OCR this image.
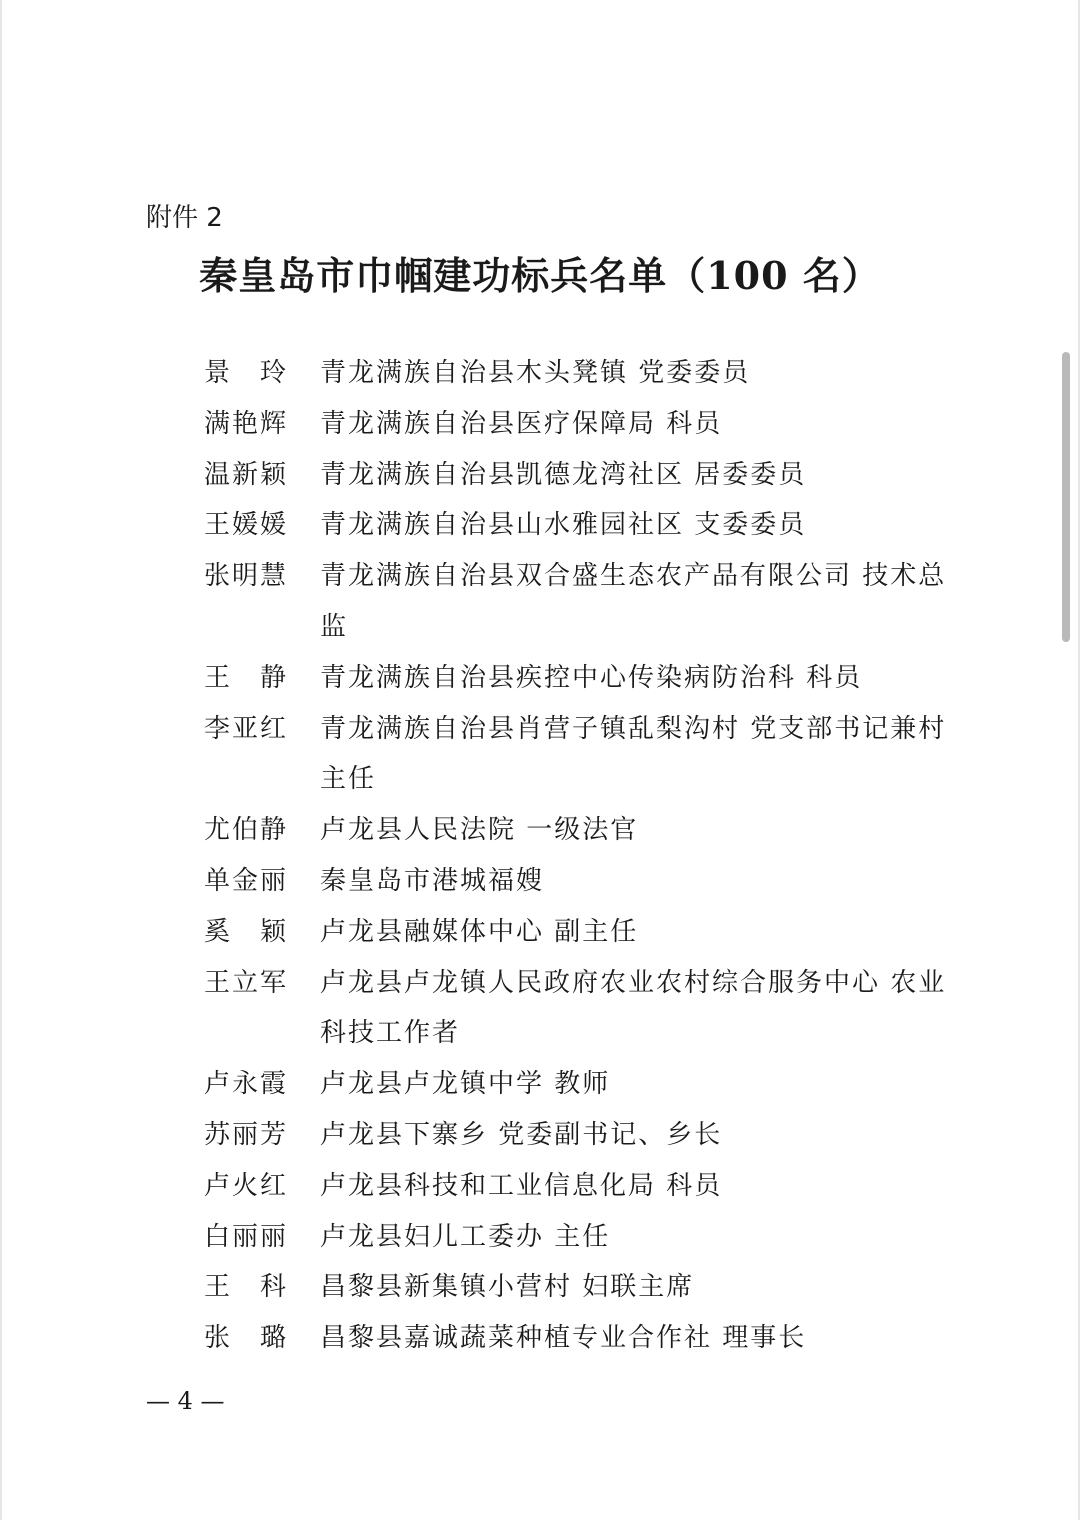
附件 2
秦皇岛市巾帼建功标兵名单（100 名）
景　玲	青龙满族自治县木头凳镇 党委委员
满艳辉	青龙满族自治县医疗保障局 科员
温新颖	青龙满族自治县凯德龙湾社区 居委委员
王媛媛	青龙满族自治县山水雅园社区 支委委员
张明慧	青龙满族自治县双合盛生态农产品有限公司 技术总监
王　静	青龙满族自治县疾控中心传染病防治科 科员
李亚红	青龙满族自治县肖营子镇乱梨沟村 党支部书记兼村主任
尤伯静	卢龙县人民法院 一级法官
单金丽	秦皇岛市港城福嫂
奚　颖	卢龙县融媒体中心 副主任
王立军	卢龙县卢龙镇人民政府农业农村综合服务中心 农业科技工作者
卢永霞	卢龙县卢龙镇中学 教师
苏丽芳	卢龙县下寨乡 党委副书记、乡长
卢火红	卢龙县科技和工业信息化局 科员
白丽丽	卢龙县妇儿工委办 主任
王　科	昌黎县新集镇小营村 妇联主席
张　璐	昌黎县嘉诚蔬菜种植专业合作社 理事长
— 4 —
